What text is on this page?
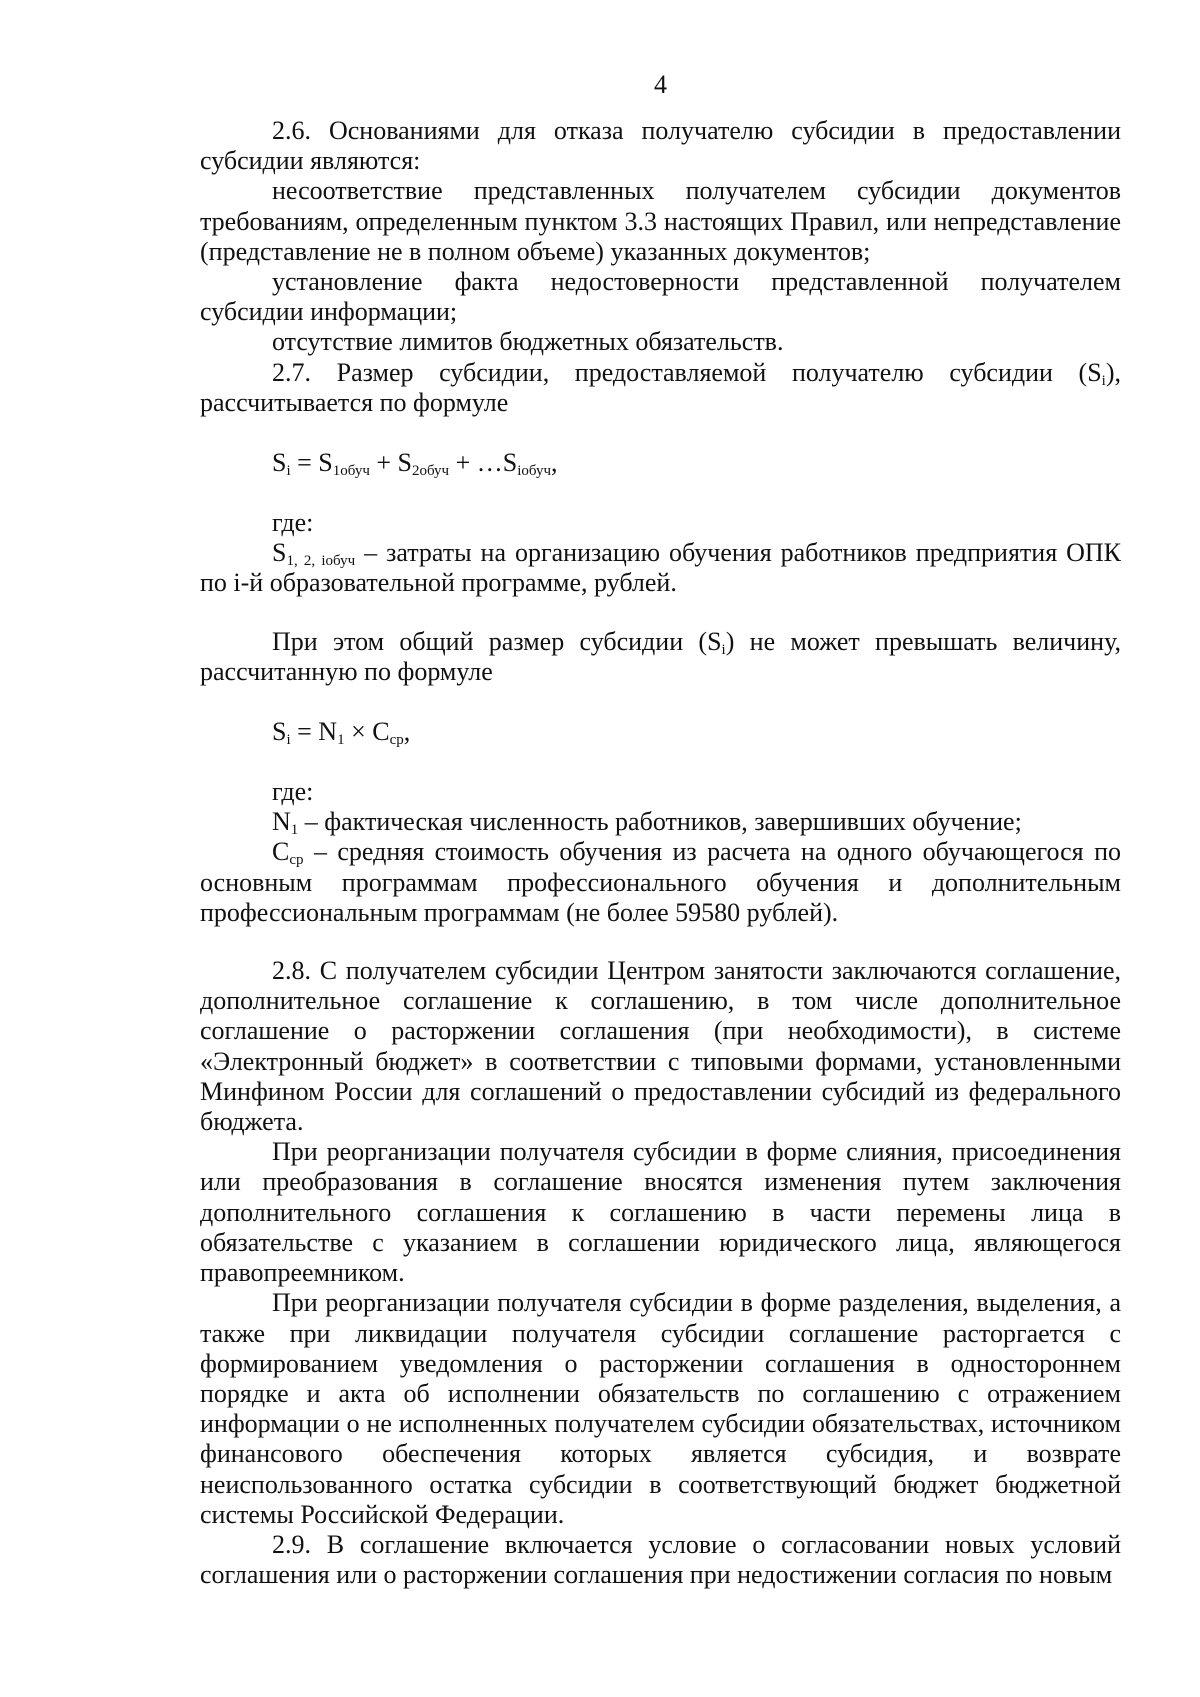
4

2.6. Основаниями для отказа получателю субсидии в предоставлении субсидии являются:

несоответствие представленных получателем субсидии документов требованиям, определенным пунктом 3.3 настоящих Правил, или непредставление (представление не в полном объеме) указанных документов;

установление факта недостоверности представленной получателем субсидии информации;

отсутствие лимитов бюджетных обязательств.

2.7. Размер субсидии, предоставляемой получателю субсидии $(S_i)$, рассчитывается по формуле

$S_i = S_{1обуч} + S_{2обуч}$ + $\dots S_{iобуч}$,

где:

$S_{1, 2, iобуч}$ – затраты на организацию обучения работников предприятия ОПК по i-й образовательной программе, рублей.

При этом общий размер субсидии $(S_i)$ не может превышать величину, рассчитанную по формуле

$S_i = N_1 \times C_{ср}$,

где:

$N_1$ – фактическая численность работников, завершивших обучение;

$C_{ср}$ – средняя стоимость обучения из расчета на одного обучающегося по основным программам профессионального обучения и дополнительным профессиональным программам (не более 59580 рублей).

2.8. С получателем субсидии Центром занятости заключаются соглашение, дополнительное соглашение к соглашению, в том числе дополнительное соглашение о расторжении соглашения (при необходимости), в системе «Электронный бюджет» в соответствии с типовыми формами, установленными Минфином России для соглашений о предоставлении субсидий из федерального бюджета.

При реорганизации получателя субсидии в форме слияния, присоединения или преобразования в соглашение вносятся изменения путем заключения дополнительного соглашения к соглашению в части перемены лица в обязательстве с указанием в соглашении юридического лица, являющегося правопреемником.

При реорганизации получателя субсидии в форме разделения, выделения, а также при ликвидации получателя субсидии соглашение расторгается с формированием уведомления о расторжении соглашения в одностороннем порядке и акта об исполнении обязательств по соглашению с отражением информации о не исполненных получателем субсидии обязательствах, источником финансового обеспечения которых является субсидия, и возврате неиспользованного остатка субсидии в соответствующий бюджет бюджетной системы Российской Федерации.

2.9. В соглашение включается условие о согласовании новых условий соглашения или о расторжении соглашения при недостижении согласия по новым
